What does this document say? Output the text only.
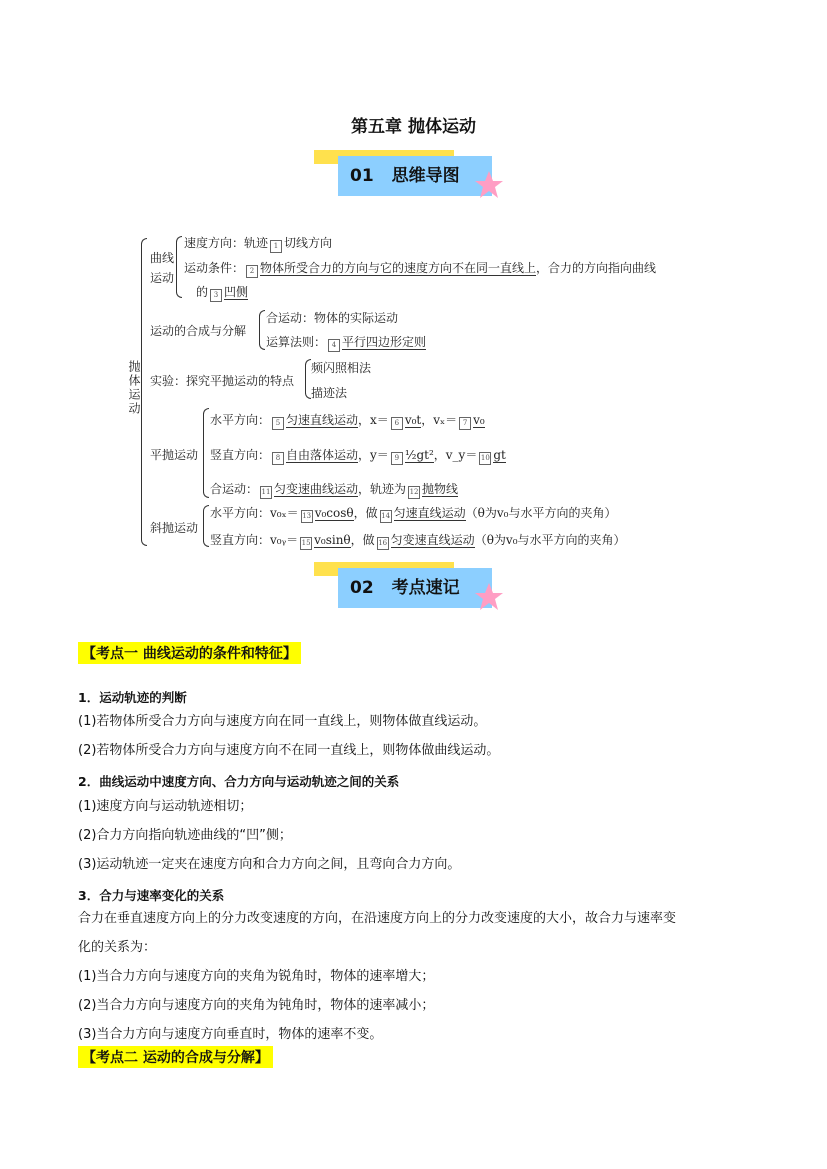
第五章 抛体运动
01 思维导图
抛体运动
曲线运动
速度方向：轨迹 1 切线方向
运动条件： 2 物体所受合力的方向与它的速度方向不在同一直线上，合力的方向指向曲线
的 3 凹侧
运动的合成与分解
合运动：物体的实际运动
运算法则： 4 平行四边形定则
实验：探究平抛运动的特点
频闪照相法
描迹法
平抛运动
水平方向： 5 匀速直线运动，x＝ 6 v₀t，vₓ＝ 7 v₀
竖直方向： 8 自由落体运动，y＝ 9 ½gt²，v_y＝ 10 gt
合运动： 11 匀变速曲线运动，轨迹为 12 抛物线
斜抛运动
水平方向：v₀ₓ＝ 13 v₀cosθ，做 14 匀速直线运动（θ为v₀与水平方向的夹角）
竖直方向：v₀ᵧ＝ 15 v₀sinθ，做 16 匀变速直线运动（θ为v₀与水平方向的夹角）
02 考点速记
【考点一 曲线运动的条件和特征】
1．运动轨迹的判断
(1)若物体所受合力方向与速度方向在同一直线上，则物体做直线运动。
(2)若物体所受合力方向与速度方向不在同一直线上，则物体做曲线运动。
2．曲线运动中速度方向、合力方向与运动轨迹之间的关系
(1)速度方向与运动轨迹相切；
(2)合力方向指向轨迹曲线的“凹”侧；
(3)运动轨迹一定夹在速度方向和合力方向之间，且弯向合力方向。
3．合力与速率变化的关系
合力在垂直速度方向上的分力改变速度的方向，在沿速度方向上的分力改变速度的大小，故合力与速率变
化的关系为：
(1)当合力方向与速度方向的夹角为锐角时，物体的速率增大；
(2)当合力方向与速度方向的夹角为钝角时，物体的速率减小；
(3)当合力方向与速度方向垂直时，物体的速率不变。
【考点二 运动的合成与分解】
